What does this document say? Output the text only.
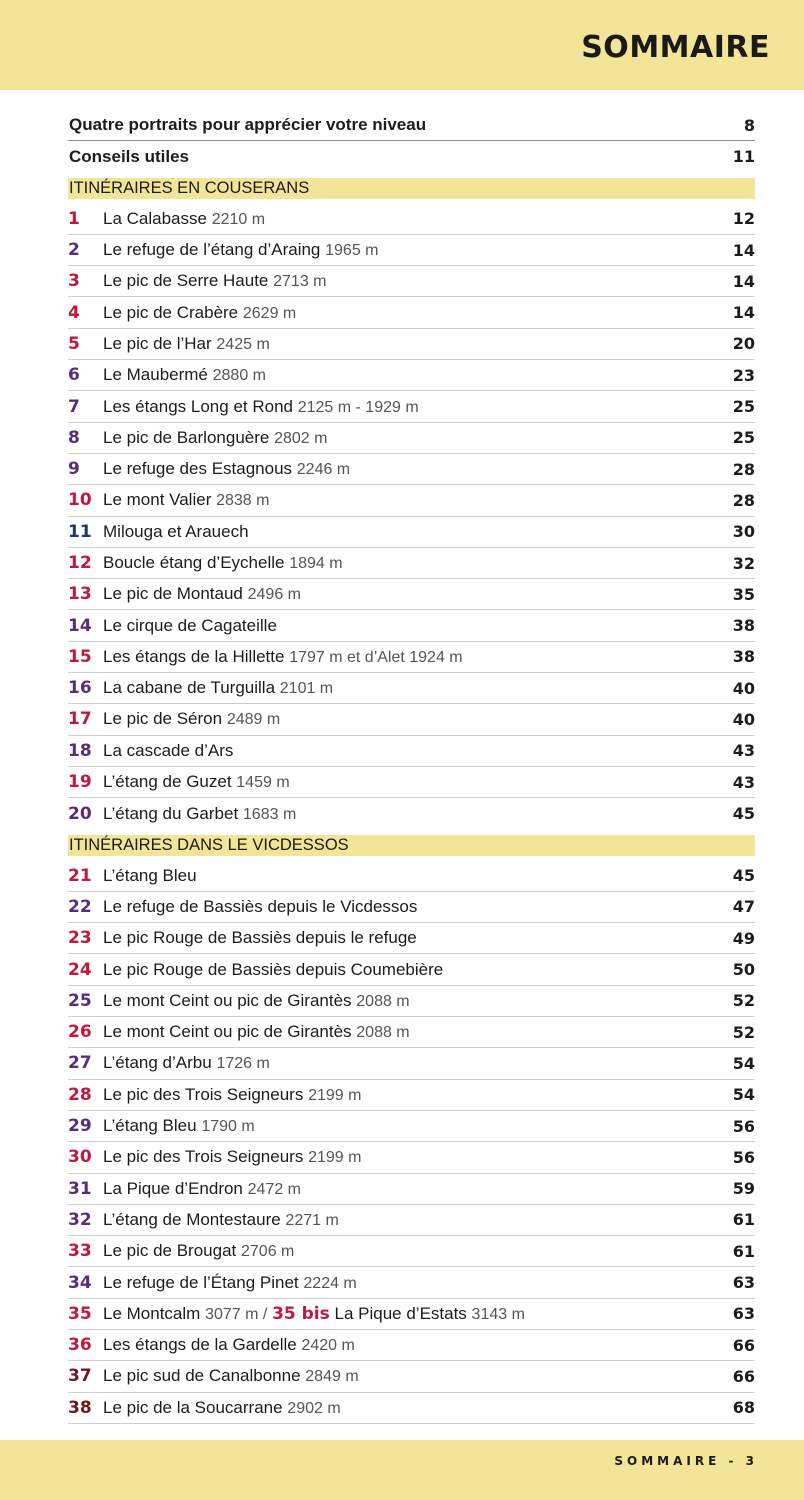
SOMMAIRE
Quatre portraits pour apprécier votre niveau	8
Conseils utiles	11
ITINÉRAIRES EN COUSERANS
1	La Calabasse 2210 m	12
2	Le refuge de l’étang d’Araing 1965 m	14
3	Le pic de Serre Haute 2713 m	14
4	Le pic de Crabère 2629 m	14
5	Le pic de l’Har 2425 m	20
6	Le Maubermé 2880 m	23
7	Les étangs Long et Rond 2125 m - 1929 m	25
8	Le pic de Barlonguère 2802 m	25
9	Le refuge des Estagnous 2246 m	28
10 Le mont Valier 2838 m	28
11 Milouga et Arauech	30
12 Boucle étang d’Eychelle 1894 m	32
13 Le pic de Montaud 2496 m	35
14 Le cirque de Cagateille	38
15 Les étangs de la Hillette 1797 m et d’Alet 1924 m	38
16 La cabane de Turguilla 2101 m	40
17 Le pic de Séron 2489 m	40
18 La cascade d’Ars	43
19 L’étang de Guzet 1459 m	43
20 L’étang du Garbet 1683 m	45
ITINÉRAIRES DANS LE VICDESSOS
21 L’étang Bleu	45
22 Le refuge de Bassiès depuis le Vicdessos	47
23 Le pic Rouge de Bassiès depuis le refuge	49
24 Le pic Rouge de Bassiès depuis Coumebière	50
25 Le mont Ceint ou pic de Girantès 2088 m	52
26 Le mont Ceint ou pic de Girantès 2088 m	52
27 L’étang d’Arbu 1726 m	54
28 Le pic des Trois Seigneurs 2199 m	54
29 L’étang Bleu 1790 m	56
30 Le pic des Trois Seigneurs 2199 m	56
31 La Pique d’Endron 2472 m	59
32 L’étang de Montestaure 2271 m	61
33 Le pic de Brougat 2706 m	61
34 Le refuge de l’Étang Pinet 2224 m	63
35 Le Montcalm 3077 m / 35 bis La Pique d’Estats 3143 m	63
36 Les étangs de la Gardelle 2420 m	66
37 Le pic sud de Canalbonne 2849 m	66
38 Le pic de la Soucarrane 2902 m	68
SOMMAIRE - 3
